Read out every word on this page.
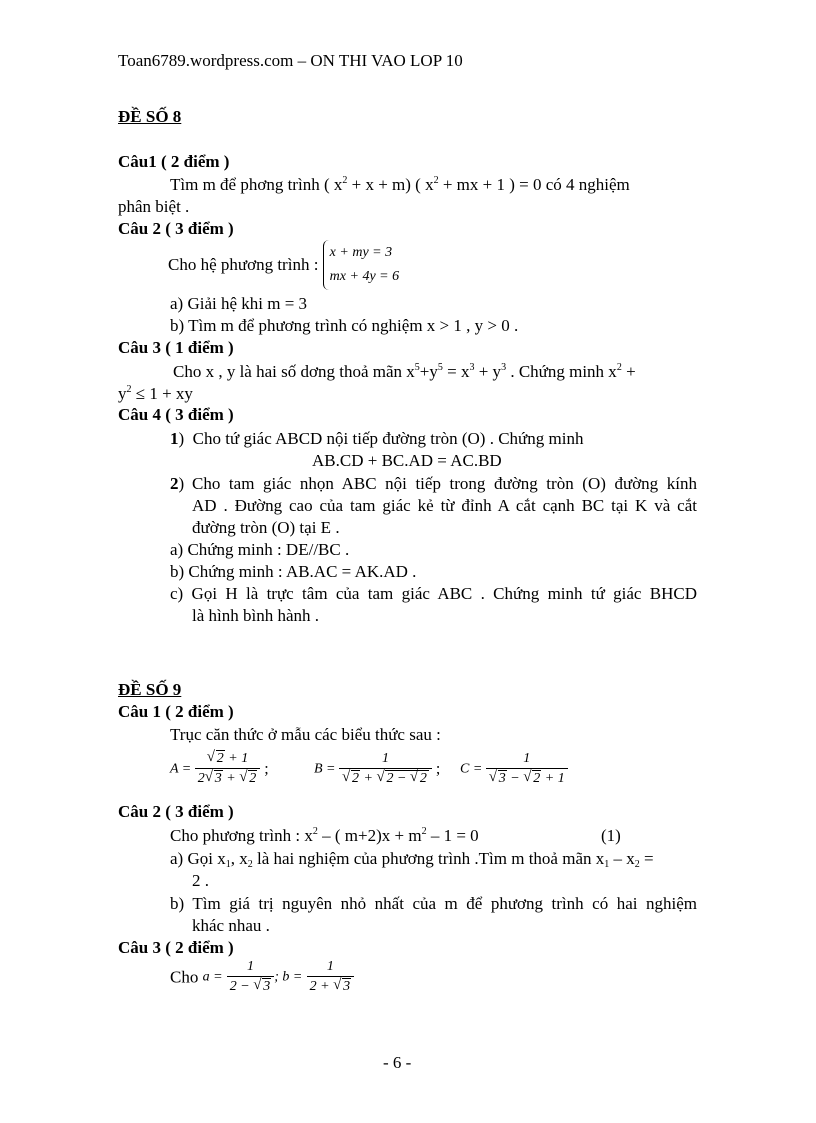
Toan6789.wordpress.com – ON THI VAO LOP 10
ĐỀ SỐ 8
Câu1 ( 2 điểm )
Tìm m để phơng trình ( $x^2 + x + m$) ( $x^2$ + mx + 1 ) = 0 có 4 nghiệm
phân biệt .
Câu 2 ( 3 điểm )
Cho hệ phương trình :
x + my = 3
mx + 4y = 6
a) Giải hệ khi m = 3
b) Tìm m để phương trình có nghiệm x > 1 , y > 0 .
Câu 3 ( 1 điểm )
Cho x , y là hai số dơng thoả mãn $x^5+y^5 = x^3 + y^3$ . Chứng minh $x^2$ +
$y^2 \le 1$ + xy
Câu 4 ( 3 điểm )
1)  Cho tứ giác ABCD nội tiếp đường tròn (O) . Chứng minh
AB.CD + BC.AD = AC.BD
2) Cho tam giác nhọn ABC nội tiếp trong đường tròn (O) đường kính
AD . Đường cao của tam giác kẻ từ đỉnh A cắt cạnh BC tại K và cắt
đường tròn (O) tại E .
a) Chứng minh : DE//BC .
b) Chứng minh : AB.AC = AK.AD .
c) Gọi H là trực tâm của tam giác ABC . Chứng minh tứ giác BHCD
là hình bình hành .
ĐỀ SỐ 9
Câu 1 ( 2 điểm )
Trục căn thức ở mẫu các biểu thức sau :
A = √ $\frac{2 + 1}{2 √ 3 + √ 2}$ ;	B = 1
√ 2 + √ 2 − √ 2 ; C = 1
√ 3 − √ 2 + 1
Câu 2 ( 3 điểm )
Cho phương trình : $x^2$ – ( $m+2)x + m^2 - 1 = 0$	(1)
a) Gọi $x_1$, $x_2$ là hai nghiệm của phương trình .Tìm m thoả mãn $x_1 - x_2$ =
2 .
b) Tìm giá trị nguyên nhỏ nhất của m để phương trình có hai nghiệm
khác nhau .
Câu 3 ( 2 điểm )
Cho $a = \frac{1}{2 - √ 3}$ ; $b = \frac{1}{2 + √ 3}$
- 6 -
